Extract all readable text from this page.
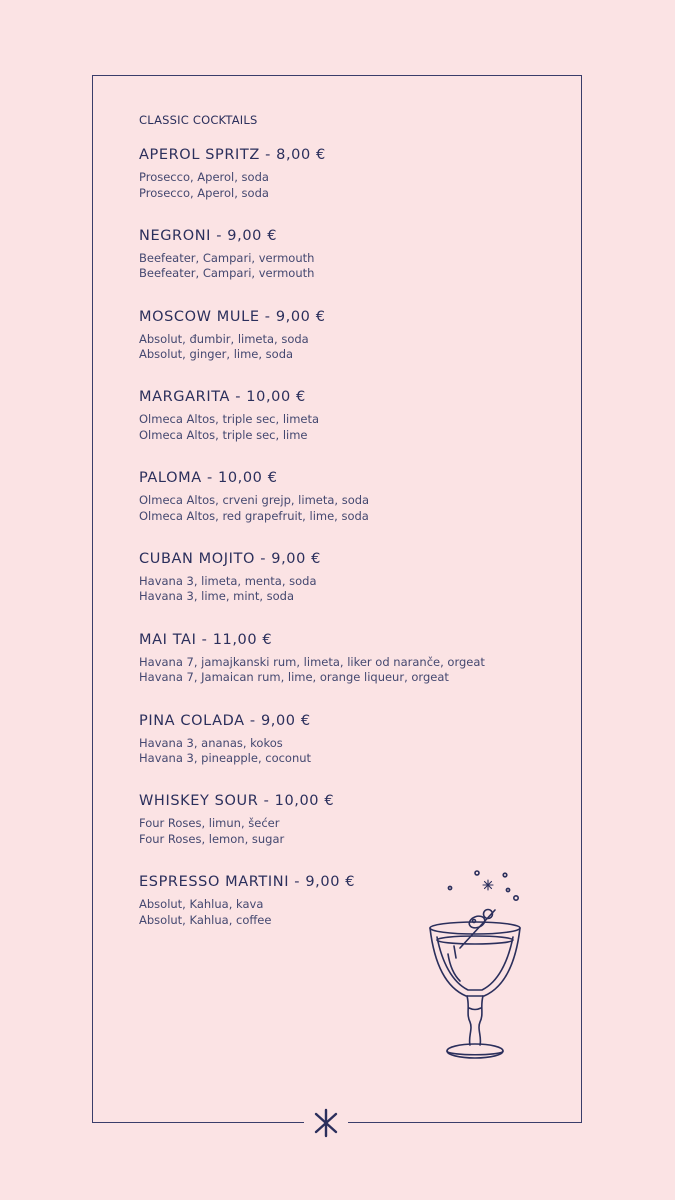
CLASSIC COCKTAILS
APEROL SPRITZ - 8,00 €
Prosecco, Aperol, soda
Prosecco, Aperol, soda
NEGRONI - 9,00 €
Beefeater, Campari, vermouth
Beefeater, Campari, vermouth
MOSCOW MULE - 9,00 €
Absolut, đumbir, limeta, soda
Absolut, ginger, lime, soda
MARGARITA - 10,00 €
Olmeca Altos, triple sec, limeta
Olmeca Altos, triple sec, lime
PALOMA - 10,00 €
Olmeca Altos, crveni grejp, limeta, soda
Olmeca Altos, red grapefruit, lime, soda
CUBAN MOJITO - 9,00 €
Havana 3, limeta, menta, soda
Havana 3, lime, mint, soda
MAI TAI - 11,00 €
Havana 7, jamajkanski rum, limeta, liker od naranče, orgeat
Havana 7, Jamaican rum, lime, orange liqueur, orgeat
PINA COLADA - 9,00 €
Havana 3, ananas, kokos
Havana 3, pineapple, coconut
WHISKEY SOUR - 10,00 €
Four Roses, limun, šećer
Four Roses, lemon, sugar
ESPRESSO MARTINI - 9,00 €
Absolut, Kahlua, kava
Absolut, Kahlua, coffee
